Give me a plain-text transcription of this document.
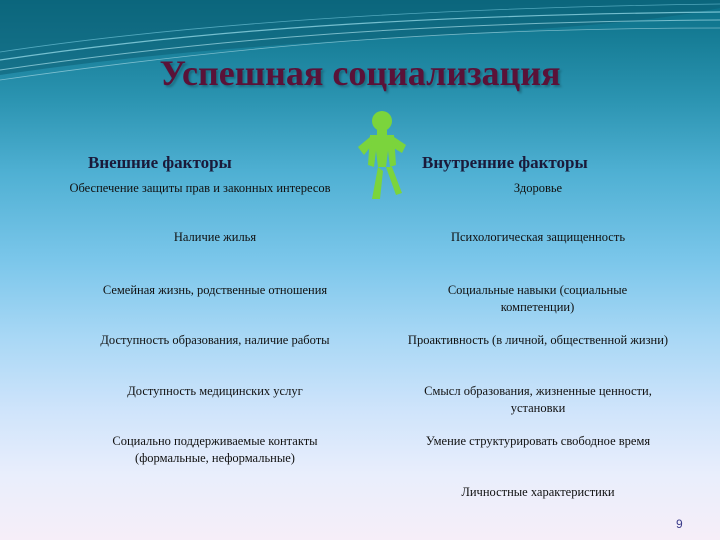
Успешная социализация
Внешние факторы	Внутренние факторы
Обеспечение защиты прав и законных интересов
Наличие жилья
Семейная жизнь, родственные отношения
Доступность образования, наличие работы
Доступность медицинских услуг
Социально поддерживаемые контакты (формальные, неформальные)
Здоровье
Психологическая защищенность
Социальные навыки (социальные компетенции)
Проактивность (в личной, общественной жизни)
Смысл образования, жизненные ценности, установки
Умение структурировать свободное время
Личностные характеристики
9
